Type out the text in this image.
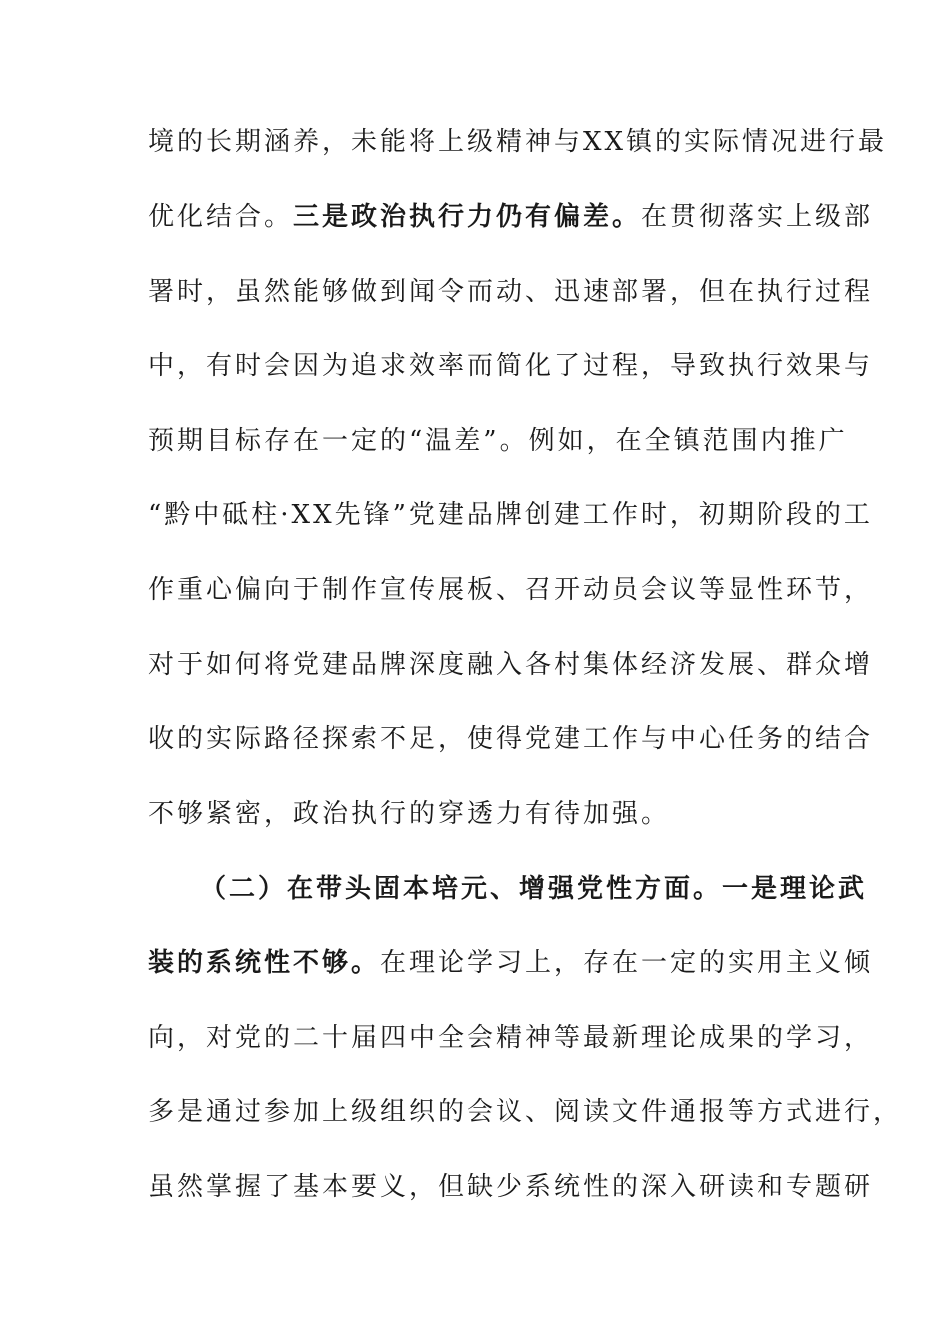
境的长期涵养，未能将上级精神与XX镇的实际情况进行最
优化结合。三是政治执行力仍有偏差。在贯彻落实上级部
署时，虽然能够做到闻令而动、迅速部署，但在执行过程
中，有时会因为追求效率而简化了过程，导致执行效果与
预期目标存在一定的“温差”。例如，在全镇范围内推广
“黔中砥柱·XX先锋”党建品牌创建工作时，初期阶段的工
作重心偏向于制作宣传展板、召开动员会议等显性环节，
对于如何将党建品牌深度融入各村集体经济发展、群众增
收的实际路径探索不足，使得党建工作与中心任务的结合
不够紧密，政治执行的穿透力有待加强。
（二）在带头固本培元、增强党性方面。一是理论武
装的系统性不够。在理论学习上，存在一定的实用主义倾
向，对党的二十届四中全会精神等最新理论成果的学习，
多是通过参加上级组织的会议、阅读文件通报等方式进行，
虽然掌握了基本要义，但缺少系统性的深入研读和专题研
